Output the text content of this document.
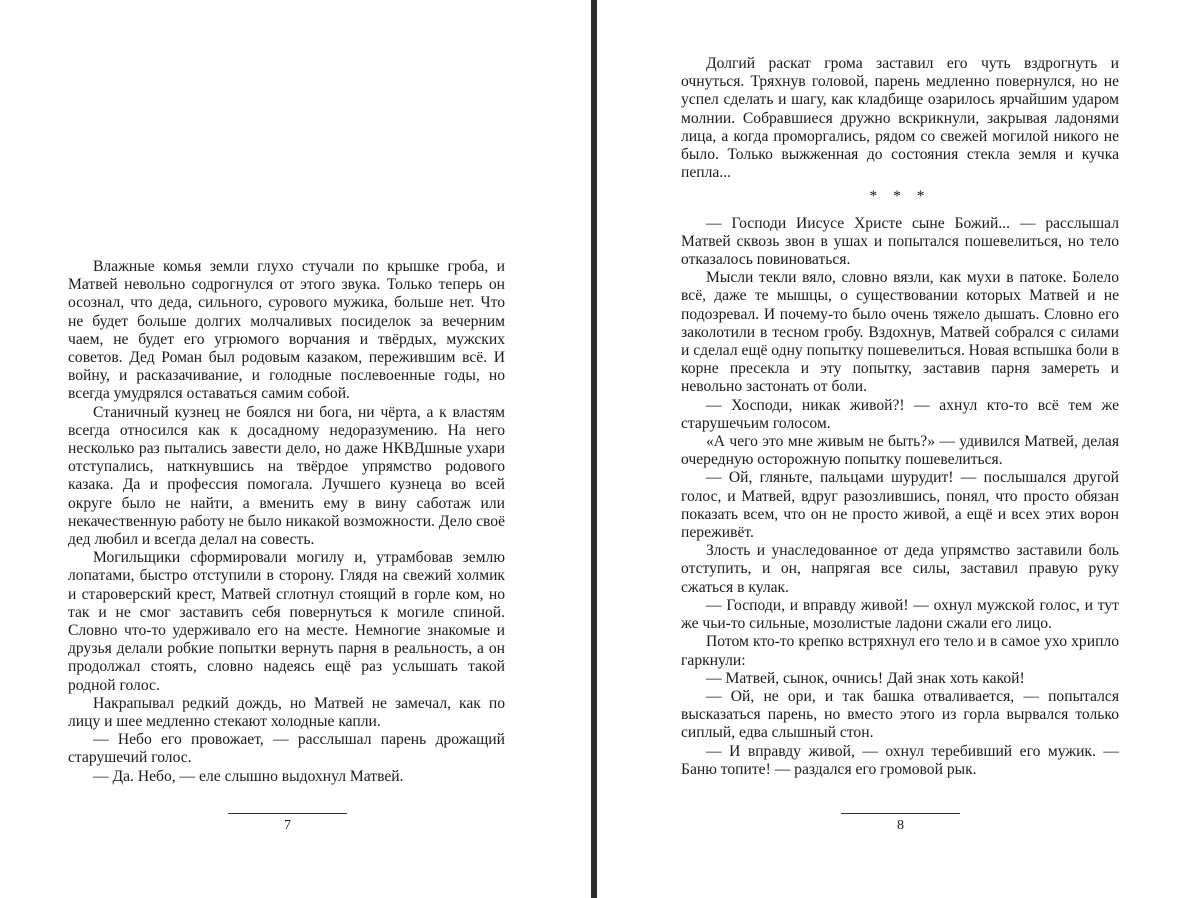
Влажные комья земли глухо стучали по крышке гроба, и Матвей невольно содрогнулся от этого звука. Только теперь он осознал, что деда, сильного, сурового мужика, больше нет. Что не будет больше долгих молчаливых посиделок за вечерним чаем, не будет его угрюмого ворчания и твёрдых, мужских советов. Дед Роман был родовым казаком, пережившим всё. И войну, и расказачивание, и голодные послевоенные годы, но всегда умудрялся оставаться самим собой.

Станичный кузнец не боялся ни бога, ни чёрта, а к властям всегда относился как к досадному недоразумению. На него несколько раз пытались завести дело, но даже НКВДшные ухари отступались, наткнувшись на твёрдое упрямство родового казака. Да и профессия помогала. Лучшего кузнеца во всей округе было не найти, а вменить ему в вину саботаж или некачественную работу не было никакой возможности. Дело своё дед любил и всегда делал на совесть.

Могильщики сформировали могилу и, утрамбовав землю лопатами, быстро отступили в сторону. Глядя на свежий холмик и староверский крест, Матвей сглотнул стоящий в горле ком, но так и не смог заставить себя повернуться к могиле спиной. Словно что-то удерживало его на месте. Немногие знакомые и друзья делали робкие попытки вернуть парня в реальность, а он продолжал стоять, словно надеясь ещё раз услышать такой родной голос.

Накрапывал редкий дождь, но Матвей не замечал, как по лицу и шее медленно стекают холодные капли.

— Небо его провожает, — расслышал парень дрожащий старушечий голос.

— Да. Небо, — еле слышно выдохнул Матвей.

7

Долгий раскат грома заставил его чуть вздрогнуть и очнуться. Тряхнув головой, парень медленно повернулся, но не успел сделать и шагу, как кладбище озарилось ярчайшим ударом молнии. Собравшиеся дружно вскрикнули, закрывая ладонями лица, а когда проморгались, рядом со свежей могилой никого не было. Только выжженная до состояния стекла земля и кучка пепла...

* * *

— Господи Иисусе Христе сыне Божий... — расслышал Матвей сквозь звон в ушах и попытался пошевелиться, но тело отказалось повиноваться.

Мысли текли вяло, словно вязли, как мухи в патоке. Болело всё, даже те мышцы, о существовании которых Матвей и не подозревал. И почему-то было очень тяжело дышать. Словно его заколотили в тесном гробу. Вздохнув, Матвей собрался с силами и сделал ещё одну попытку пошевелиться. Новая вспышка боли в корне пресекла и эту попытку, заставив парня замереть и невольно застонать от боли.

— Хосподи, никак живой?! — ахнул кто-то всё тем же старушечьим голосом.

«А чего это мне живым не быть?» — удивился Матвей, делая очередную осторожную попытку пошевелиться.

— Ой, гляньте, пальцами шурудит! — послышался другой голос, и Матвей, вдруг разозлившись, понял, что просто обязан показать всем, что он не просто живой, а ещё и всех этих ворон переживёт.

Злость и унаследованное от деда упрямство заставили боль отступить, и он, напрягая все силы, заставил правую руку сжаться в кулак.

— Господи, и вправду живой! — охнул мужской голос, и тут же чьи-то сильные, мозолистые ладони сжали его лицо.

Потом кто-то крепко встряхнул его тело и в самое ухо хрипло гаркнули:

— Матвей, сынок, очнись! Дай знак хоть какой!

— Ой, не ори, и так башка отваливается, — попытался высказаться парень, но вместо этого из горла вырвался только сиплый, едва слышный стон.

— И вправду живой, — охнул теребивший его мужик. — Баню топите! — раздался его громовой рык.

8
